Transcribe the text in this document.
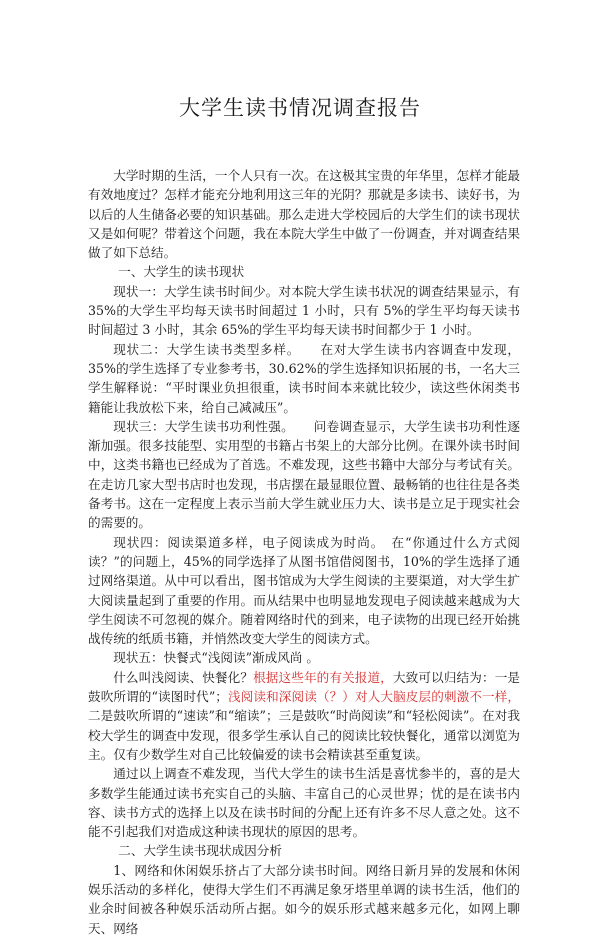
大学生读书情况调查报告

大学时期的生活，一个人只有一次。在这极其宝贵的年华里，怎样才能最有效地度过？怎样才能充分地利用这三年的光阴？那就是多读书、读好书，为以后的人生储备必要的知识基础。那么走进大学校园后的大学生们的读书现状又是如何呢？带着这个问题，我在本院大学生中做了一份调查，并对调查结果做了如下总结。

一、大学生的读书现状

现状一：大学生读书时间少。对本院大学生读书状况的调查结果显示，有35%的大学生平均每天读书时间超过 1 小时，只有 5%的学生平均每天读书时间超过 3 小时，其余 65%的学生平均每天读书时间都少于 1 小时。

现状二：大学生读书类型多样。　　在对大学生读书内容调查中发现，35%的学生选择了专业参考书，30.62%的学生选择知识拓展的书，一名大三学生解释说：“平时课业负担很重，读书时间本来就比较少，读这些休闲类书籍能让我放松下来，给自己减减压”。

现状三：大学生读书功利性强。　　问卷调查显示，大学生读书功利性逐渐加强。很多技能型、实用型的书籍占书架上的大部分比例。在课外读书时间中，这类书籍也已经成为了首选。不难发现，这些书籍中大部分与考试有关。在走访几家大型书店时也发现，书店摆在最显眼位置、最畅销的也往往是各类备考书。这在一定程度上表示当前大学生就业压力大、读书是立足于现实社会的需要的。

现状四：阅读渠道多样，电子阅读成为时尚。　在“你通过什么方式阅读？”的问题上，45%的同学选择了从图书馆借阅图书，10%的学生选择了通过网络渠道。从中可以看出，图书馆成为大学生阅读的主要渠道，对大学生扩大阅读量起到了重要的作用。而从结果中也明显地发现电子阅读越来越成为大学生阅读不可忽视的媒介。随着网络时代的到来，电子读物的出现已经开始挑战传统的纸质书籍，并悄然改变大学生的阅读方式。

现状五：快餐式“浅阅读”渐成风尚 。

什么叫浅阅读、快餐化？根据这些年的有关报道，大致可以归结为：一是鼓吹所谓的“读图时代”；浅阅读和深阅读（？）对人大脑皮层的刺激不一样，二是鼓吹所谓的“速读”和“缩读”；三是鼓吹“时尚阅读”和“轻松阅读”。在对我校大学生的调查中发现，很多学生承认自己的阅读比较快餐化，通常以浏览为主。仅有少数学生对自己比较偏爱的读书会精读甚至重复读。

通过以上调查不难发现，当代大学生的读书生活是喜忧参半的，喜的是大多数学生能通过读书充实自己的头脑、丰富自己的心灵世界；忧的是在读书内容、读书方式的选择上以及在读书时间的分配上还有许多不尽人意之处。这不能不引起我们对造成这种读书现状的原因的思考。

二、大学生读书现状成因分析

1、网络和休闲娱乐挤占了大部分读书时间。网络日新月异的发展和休闲娱乐活动的多样化，使得大学生们不再满足象牙塔里单调的读书生活，他们的业余时间被各种娱乐活动所占据。如今的娱乐形式越来越多元化，如网上聊天、网络
